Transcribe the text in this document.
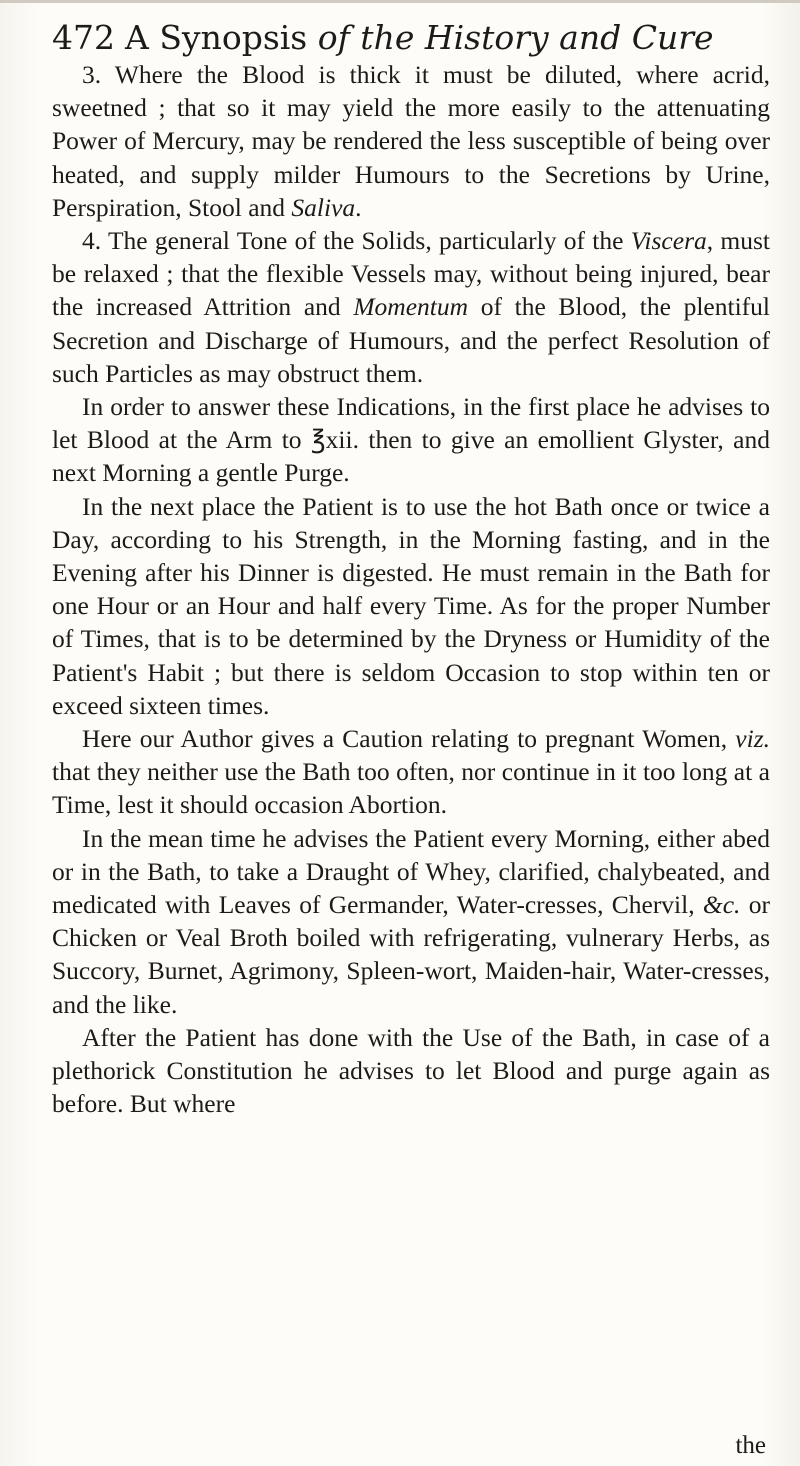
472 A Synopsis of the History and Cure

3. Where the Blood is thick it must be diluted, where acrid, sweetned ; that so it may yield the more easily to the attenuating Power of Mercury, may be rendered the less susceptible of being over heated, and supply milder Humours to the Secretions by Urine, Perspiration, Stool and Saliva.

4. The general Tone of the Solids, particularly of the Viscera, must be relaxed ; that the flexible Vessels may, without being injured, bear the increased Attrition and Momentum of the Blood, the plentiful Secretion and Discharge of Humours, and the perfect Resolution of such Particles as may obstruct them.

In order to answer these Indications, in the first place he advises to let Blood at the Arm to ℥xii. then to give an emollient Glyster, and next Morning a gentle Purge.

In the next place the Patient is to use the hot Bath once or twice a Day, according to his Strength, in the Morning fasting, and in the Evening after his Dinner is digested. He must remain in the Bath for one Hour or an Hour and half every Time. As for the proper Number of Times, that is to be determined by the Dryness or Humidity of the Patient's Habit ; but there is seldom Occasion to stop within ten or exceed sixteen times.

Here our Author gives a Caution relating to pregnant Women, viz. that they neither use the Bath too often, nor continue in it too long at a Time, lest it should occasion Abortion.

In the mean time he advises the Patient every Morning, either abed or in the Bath, to take a Draught of Whey, clarified, chalybeated, and medicated with Leaves of Germander, Water-cresses, Chervil, &c. or Chicken or Veal Broth boiled with refrigerating, vulnerary Herbs, as Succory, Burnet, Agrimony, Spleen-wort, Maiden-hair, Water-cresses, and the like.

After the Patient has done with the Use of the Bath, in case of a plethorick Constitution he advises to let Blood and purge again as before. But where

the
